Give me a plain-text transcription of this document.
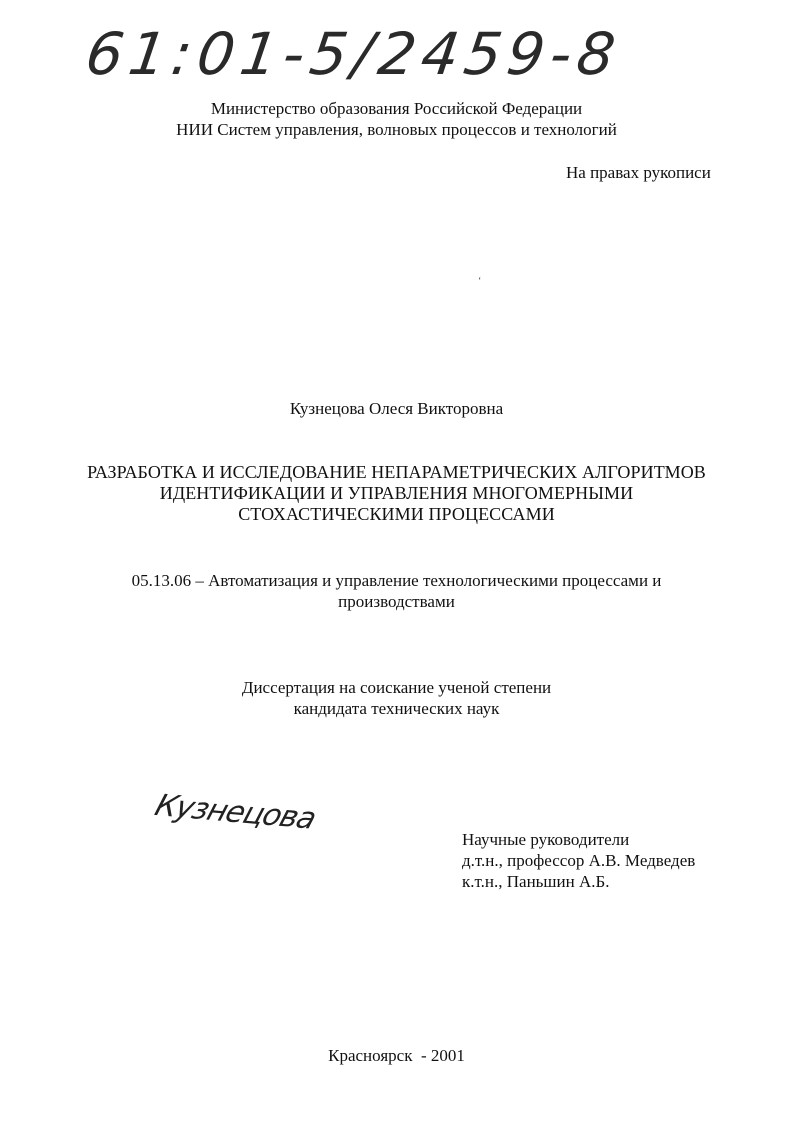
61:01-5/2459-8
Министерство образования Российской Федерации
НИИ Систем управления, волновых процессов и технологий
На правах рукописи
‘
Кузнецова Олеся Викторовна
РАЗРАБОТКА И ИССЛЕДОВАНИЕ НЕПАРАМЕТРИЧЕСКИХ АЛГОРИТМОВ
ИДЕНТИФИКАЦИИ И УПРАВЛЕНИЯ МНОГОМЕРНЫМИ
СТОХАСТИЧЕСКИМИ ПРОЦЕССАМИ
05.13.06 – Автоматизация и управление технологическими процессами и
производствами
Диссертация на соискание ученой степени
кандидата технических наук
Кузнецова
Научные руководители
д.т.н., профессор А.В. Медведев
к.т.н., Паньшин А.Б.
Красноярск  - 2001
